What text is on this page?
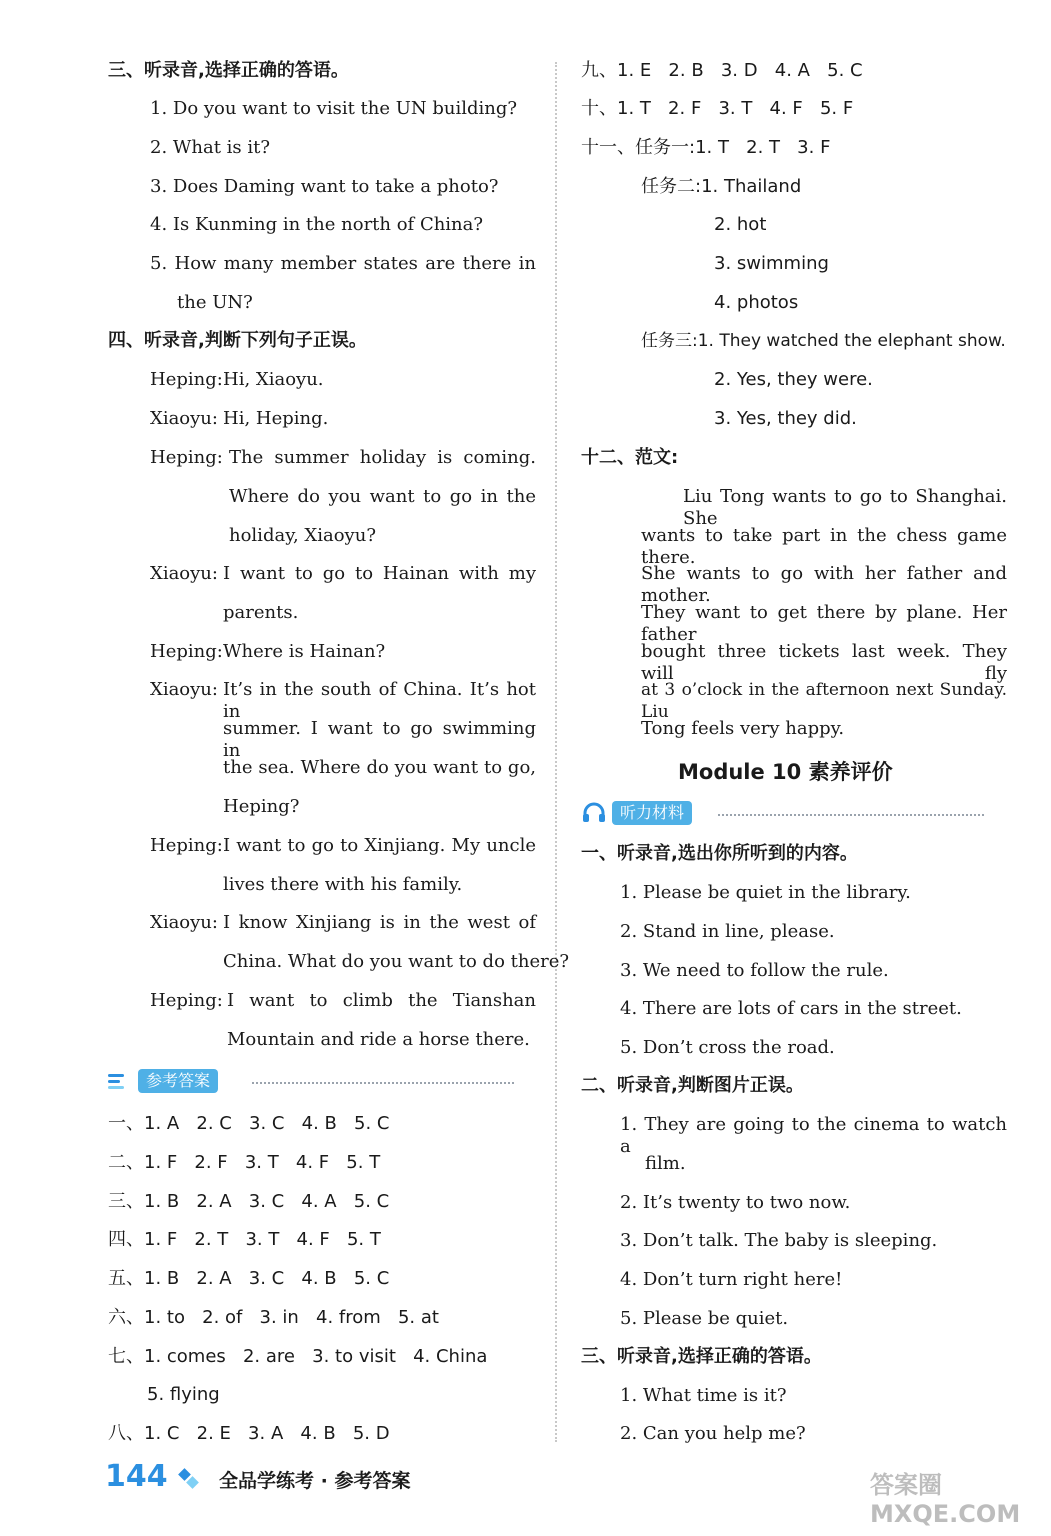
三、听录音,选择正确的答语。
1. Do you want to visit the UN building?
2. What is it?
3. Does Daming want to take a photo?
4. Is Kunming in the north of China?
5. How many member states are there in
the UN?
四、听录音,判断下列句子正误。
Heping: Hi, Xiaoyu.
Xiaoyu: Hi, Heping.
Heping: The summer holiday is coming.
Where do you want to go in the
holiday, Xiaoyu?
Xiaoyu: I want to go to Hainan with my
parents.
Heping: Where is Hainan?
Xiaoyu: It’s in the south of China. It’s hot in
summer. I want to go swimming in
the sea. Where do you want to go,
Heping?
Heping: I want to go to Xinjiang. My uncle
lives there with his family.
Xiaoyu: I know Xinjiang is in the west of
China. What do you want to do there?
Heping: I want to climb the Tianshan
Mountain and ride a horse there.
参考答案
一、1. A   2. C   3. C   4. B   5. C
二、1. F   2. F   3. T   4. F   5. T
三、1. B   2. A   3. C   4. A   5. C
四、1. F   2. T   3. T   4. F   5. T
五、1. B   2. A   3. C   4. B   5. C
六、1. to   2. of   3. in   4. from   5. at
七、1. comes   2. are   3. to visit   4. China
5. flying
八、1. C   2. E   3. A   4. B   5. D
九、1. E   2. B   3. D   4. A   5. C
十、1. T   2. F   3. T   4. F   5. F
十一、任务一:1. T   2. T   3. F
任务二:1. Thailand
2. hot
3. swimming
4. photos
任务三:1. They watched the elephant show.
2. Yes, they were.
3. Yes, they did.
十二、范文:
Liu Tong wants to go to Shanghai. She
wants to take part in the chess game there.
She wants to go with her father and mother.
They want to get there by plane. Her father
bought three tickets last week. They will fly
at 3 o’clock in the afternoon next Sunday. Liu
Tong feels very happy.
Module 10 素养评价
听力材料
一、听录音,选出你所听到的内容。
1. Please be quiet in the library.
2. Stand in line, please.
3. We need to follow the rule.
4. There are lots of cars in the street.
5. Don’t cross the road.
二、听录音,判断图片正误。
1. They are going to the cinema to watch a
film.
2. It’s twenty to two now.
3. Don’t talk. The baby is sleeping.
4. Don’t turn right here!
5. Please be quiet.
三、听录音,选择正确的答语。
1. What time is it?
2. Can you help me?
144	全品学练考 · 参考答案	答案圈 MXQE.COM
